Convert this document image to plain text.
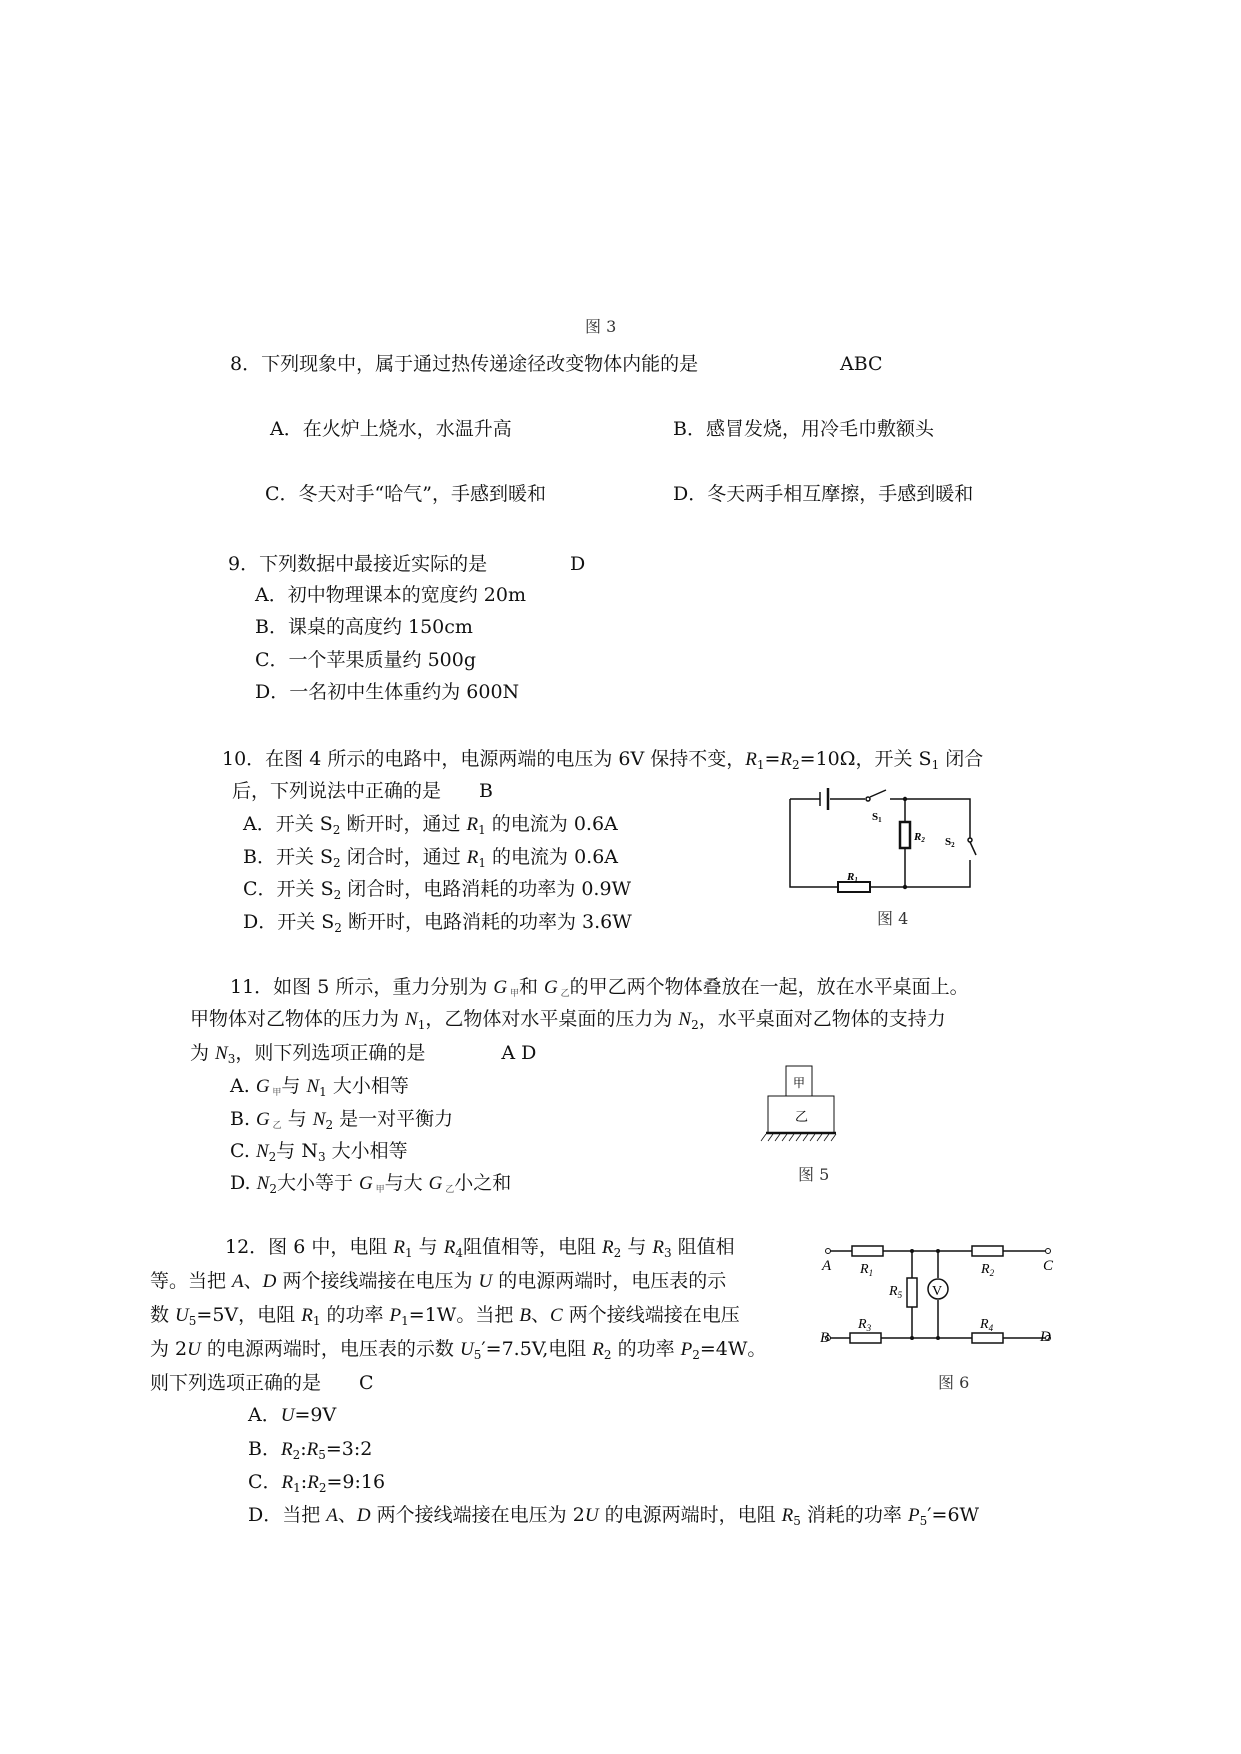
图 3
8．下列现象中，属于通过热传递途径改变物体内能的是	ABC
A．在火炉上烧水，水温升高	B．感冒发烧，用冷毛巾敷额头
C．冬天对手“哈气”，手感到暖和	D．冬天两手相互摩擦，手感到暖和
9．下列数据中最接近实际的是	D
A．初中物理课本的宽度约 20m
B．课桌的高度约 150cm
C．一个苹果质量约 500g
D．一名初中生体重约为 600N
10．在图 4 所示的电路中，电源两端的电压为 6V 保持不变，$R_1=R_2=10\Omega$，开关 $S_1$ 闭合
后，下列说法中正确的是　　B
A．开关 $S_2$ 断开时，通过 $R_1$ 的电流为 0.6A
B．开关 $S_2$ 闭合时，通过 $R_1$ 的电流为 0.6A
C．开关 $S_2$ 闭合时，电路消耗的功率为 0.9W
D．开关 $S_2$ 断开时，电路消耗的功率为 3.6W
S1
R2 S2
R1
图 4
11．如图 5 所示，重力分别为 G 甲和 G 乙的甲乙两个物体叠放在一起，放在水平桌面上。
甲物体对乙物体的压力为 $N_1$，乙物体对水平桌面的压力为 $N_2$，水平桌面对乙物体的支持力
为 $N_3$，则下列选项正确的是　　　　A D
A. G 甲与 $N_1$ 大小相等
B. G 乙 与 $N_2$ 是一对平衡力
C. $N_2$与 $N_3$ 大小相等
D. $N_2$大小等于 G 甲与大 G 乙小之和
甲
乙
图 5
12．图 6 中，电阻 $R_1$ 与 $R_4$阻值相等，电阻 $R_2$ 与 $R_3$ 阻值相
等。当把 A、D 两个接线端接在电压为 U 的电源两端时，电压表的示
数 $U_5=5V$，电阻 $R_1$ 的功率 $P_1=1W$。当把 B、C 两个接线端接在电压
为 2U 的电源两端时，电压表的示数 $U_5'=7.5V$,电阻 $R_2$ 的功率 $P_2=4W$。
则下列选项正确的是　　C
A．U=9V
B．$R_2:R_5=3:2$
C．$R_1:R_2=9:16$
D．当把 A、D 两个接线端接在电压为 2U 的电源两端时，电阻 $R_5$ 消耗的功率 $P_5'=6W$
V
A
B
C
D
$R_1$	$R_2$
$R_3$	$R_4$
$R_5$
图 6
